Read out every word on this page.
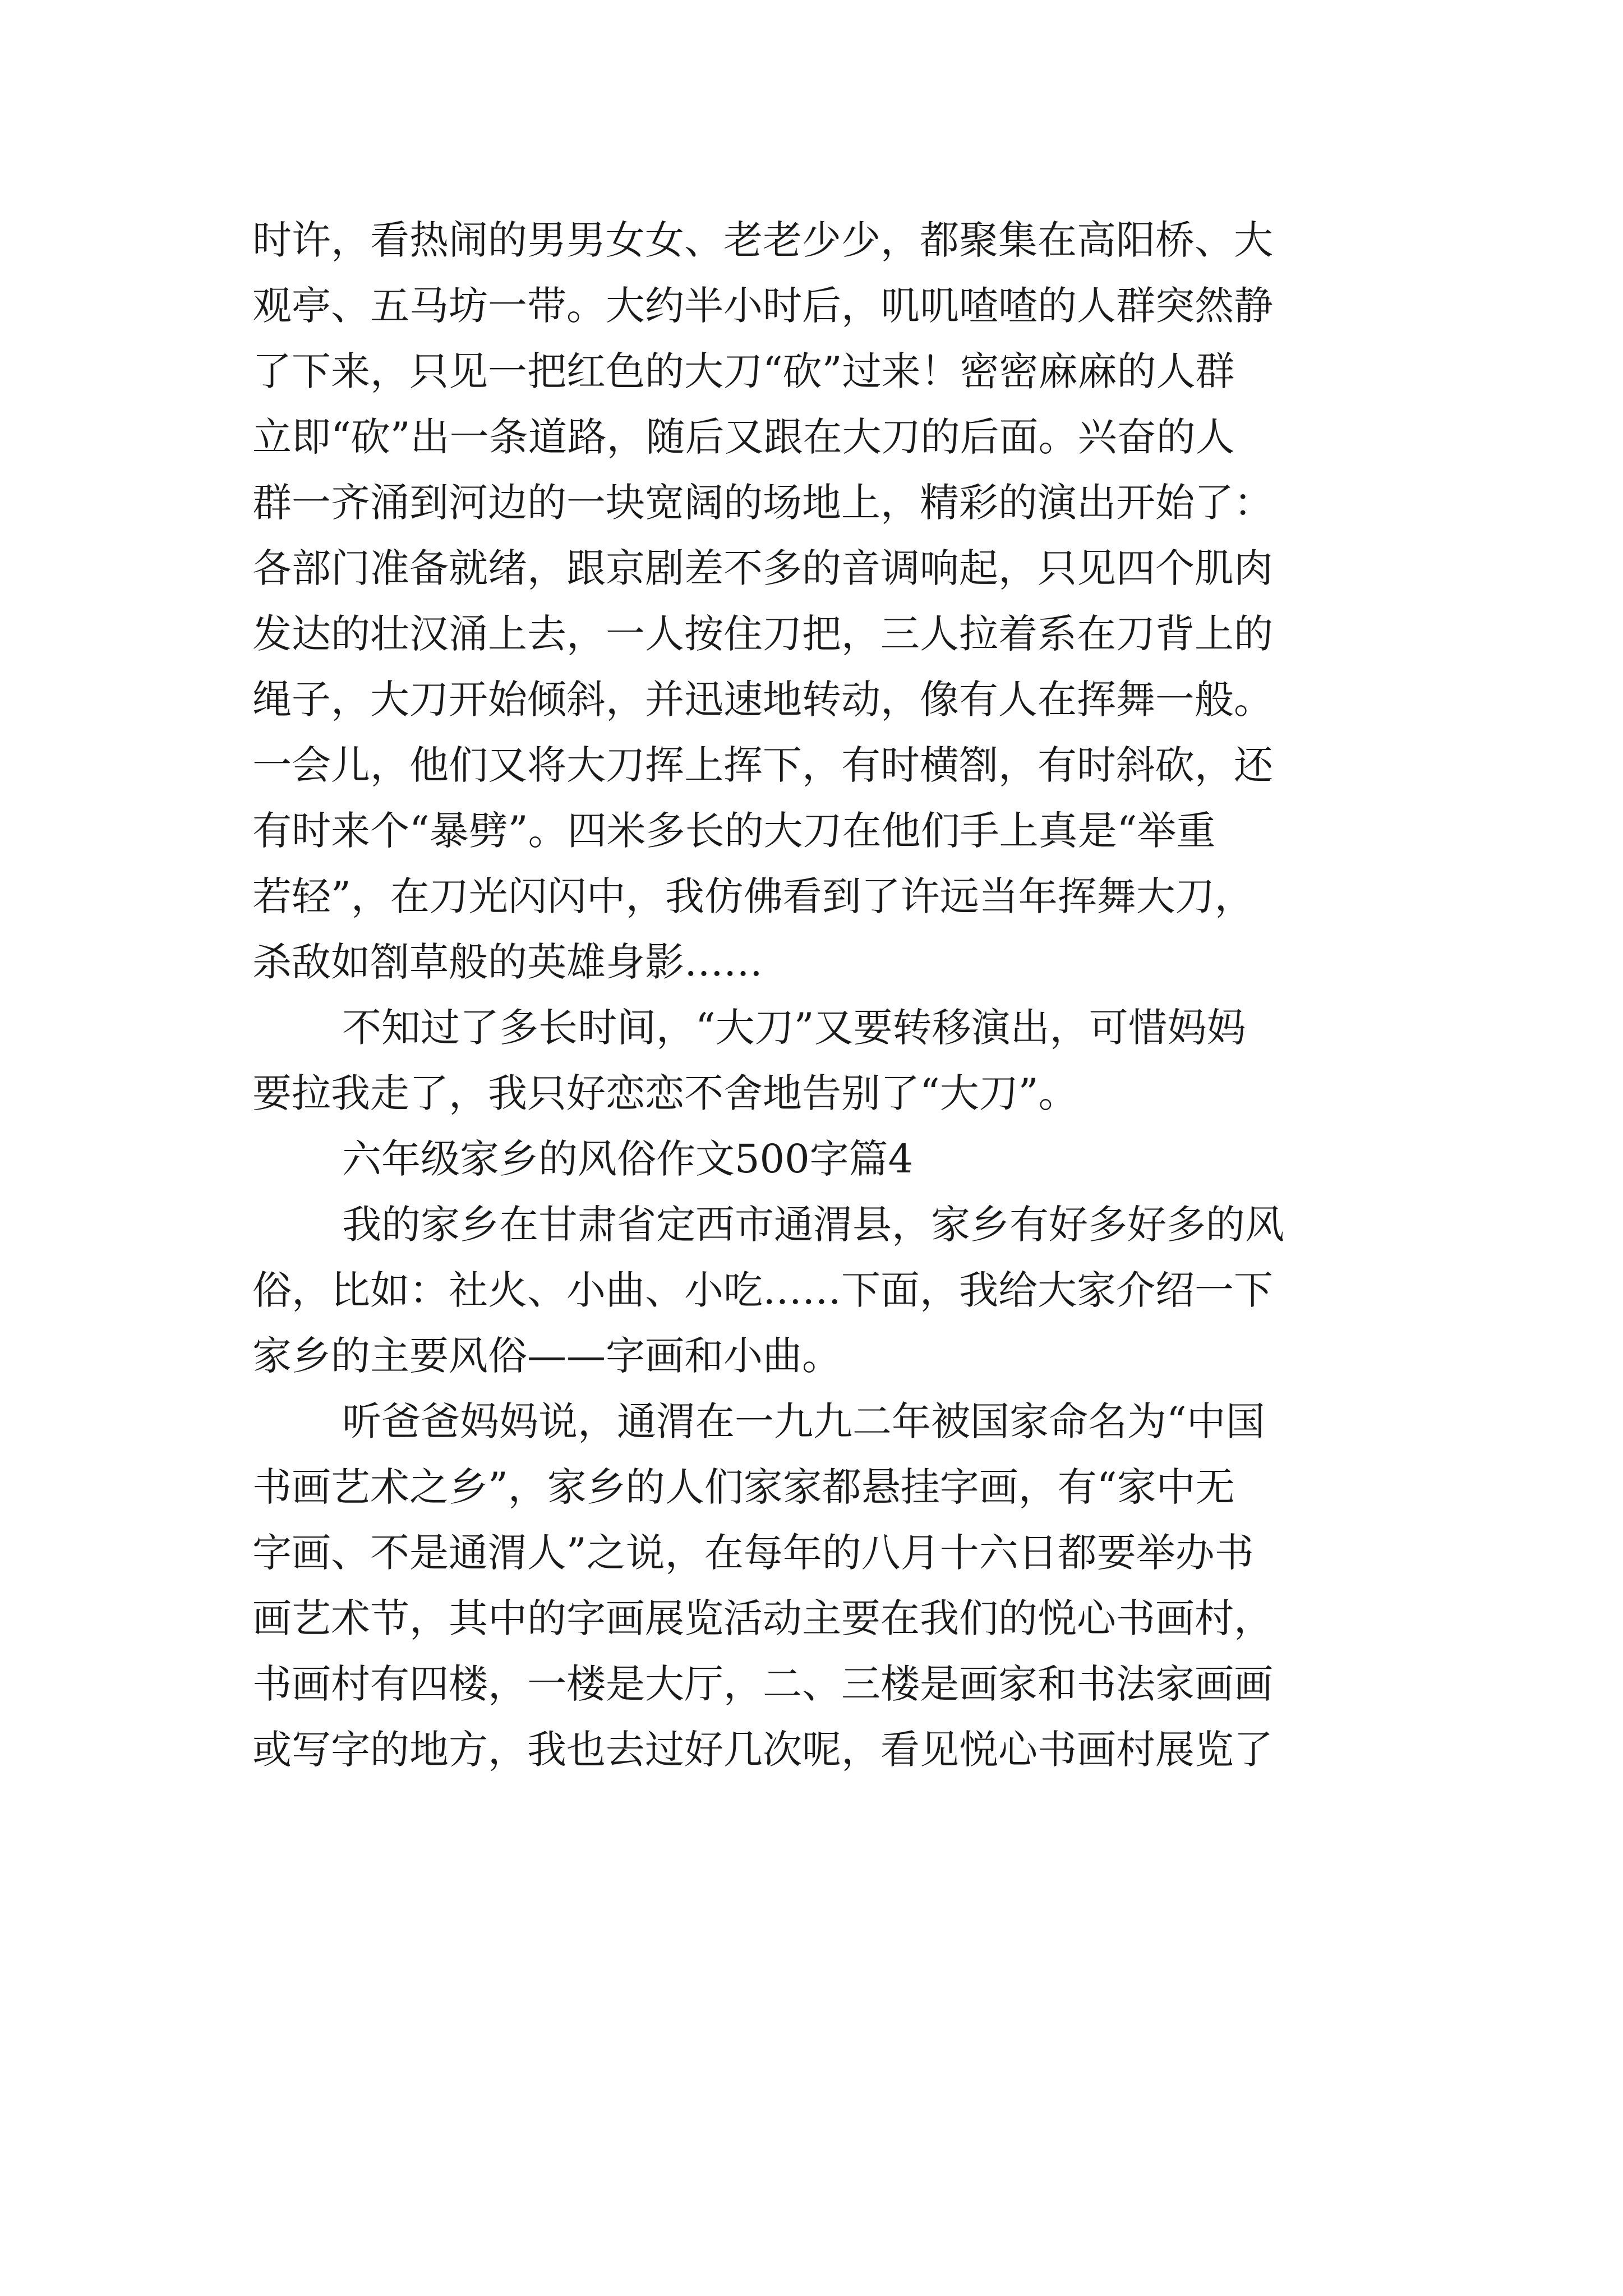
时许，看热闹的男男女女、老老少少，都聚集在高阳桥、大
观亭、五马坊一带。大约半小时后，叽叽喳喳的人群突然静
了下来，只见一把红色的大刀“砍”过来！密密麻麻的人群
立即“砍”出一条道路，随后又跟在大刀的后面。兴奋的人
群一齐涌到河边的一块宽阔的场地上，精彩的演出开始了：
各部门准备就绪，跟京剧差不多的音调响起，只见四个肌肉
发达的壮汉涌上去，一人按住刀把，三人拉着系在刀背上的
绳子，大刀开始倾斜，并迅速地转动，像有人在挥舞一般。
一会儿，他们又将大刀挥上挥下，有时横劄，有时斜砍，还
有时来个“暴劈”。四米多长的大刀在他们手上真是“举重
若轻”，在刀光闪闪中，我仿佛看到了许远当年挥舞大刀，
杀敌如劄草般的英雄身影……
不知过了多长时间，“大刀”又要转移演出，可惜妈妈
要拉我走了，我只好恋恋不舍地告别了“大刀”。
六年级家乡的风俗作文500字篇4
我的家乡在甘肃省定西市通渭县，家乡有好多好多的风
俗，比如：社火、小曲、小吃……下面，我给大家介绍一下
家乡的主要风俗——字画和小曲。
听爸爸妈妈说，通渭在一九九二年被国家命名为“中国
书画艺术之乡”，家乡的人们家家都悬挂字画，有“家中无
字画、不是通渭人”之说，在每年的八月十六日都要举办书
画艺术节，其中的字画展览活动主要在我们的悦心书画村，
书画村有四楼，一楼是大厅，二、三楼是画家和书法家画画
或写字的地方，我也去过好几次呢，看见悦心书画村展览了
